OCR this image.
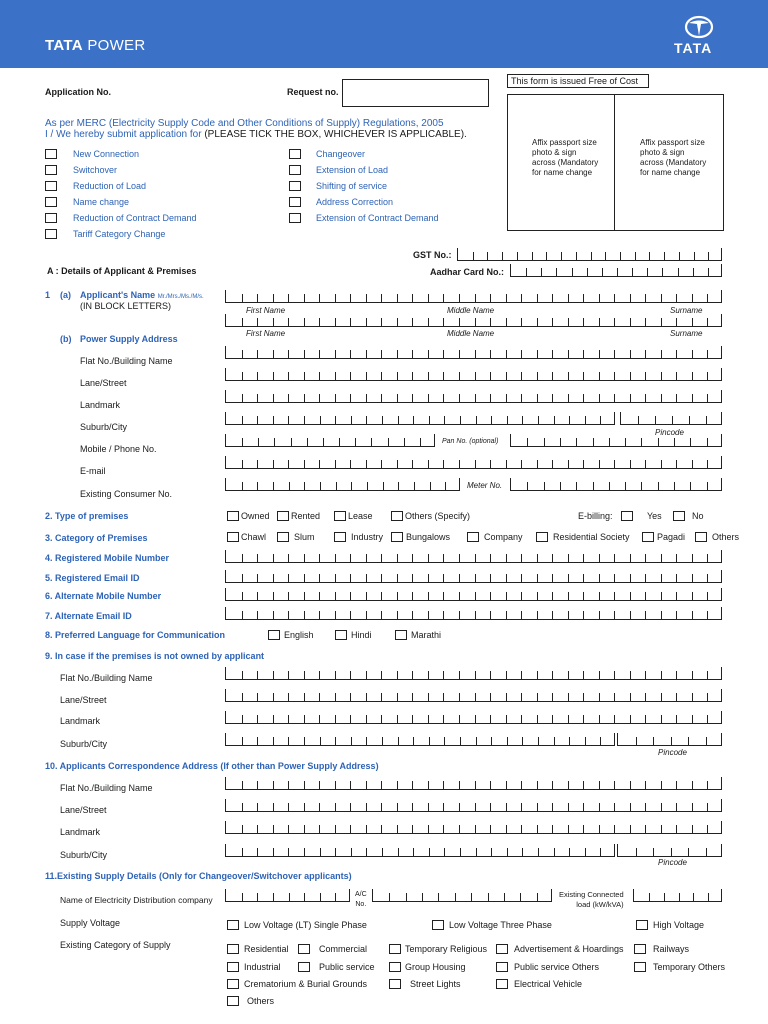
TATA POWER	TATA
Application No.	Request no.
This form is issued Free of Cost
Affix passport size photo & sign across (Mandatory for name change
Affix passport size photo & sign across (Mandatory for name change
As per MERC (Electricity Supply Code and Other Conditions of Supply) Regulations, 2005
I / We hereby submit application for (PLEASE TICK THE BOX, WHICHEVER IS APPLICABLE).
New Connection
Switchover
Reduction of Load
Name change
Reduction of Contract Demand
Tariff Category Change
Changeover
Extension of Load
Shifting of service
Address Correction
Extension of Contract Demand
GST No.:
Aadhar Card No.:
A : Details of Applicant & Premises
1 (a) Applicant's Name Mr./Mrs./Ms./M/s.
(IN BLOCK LETTERS)	First Name	Middle Name	Surname
First Name	Middle Name	Surname
(b) Power Supply Address
Flat No./Building Name
Lane/Street
Landmark
Suburb/City
Pincode
Mobile / Phone No.
Pan No. (optional)
E-mail
Existing Consumer No.
Meter No.
2. Type of premises	Owned Rented	Lease	Others (Specify)	E-billing:	Yes	No
3. Category of Premises	Chawl	Slum	Industry	Bungalows	Company	Residential Society	Pagadi	Others
4. Registered Mobile Number
5. Registered Email ID
6. Alternate Mobile Number
7. Alternate Email ID
8. Preferred Language for Communication	English	Hindi	Marathi
9. In case if the premises is not owned by applicant
Flat No./Building Name
Lane/Street
Landmark
Suburb/City
Pincode
10. Applicants Correspondence Address (If other than Power Supply Address)
Flat No./Building Name
Lane/Street
Landmark
Suburb/City
Pincode
11.Existing Supply Details (Only for Changeover/Switchover applicants)
Name of Electricity Distribution company
A/C
No.
Existing Connected
load (kW/kVA)
Supply Voltage	Low Voltage (LT) Single Phase	Low Voltage Three Phase	High Voltage
Existing Category of Supply	Residential	Commercial	Temporary Religious	Advertisement & Hoardings	Railways
Industrial	Public service	Group Housing	Public service Others	Temporary Others
Crematorium & Burial Grounds	Street Lights	Electrical Vehicle
Others
